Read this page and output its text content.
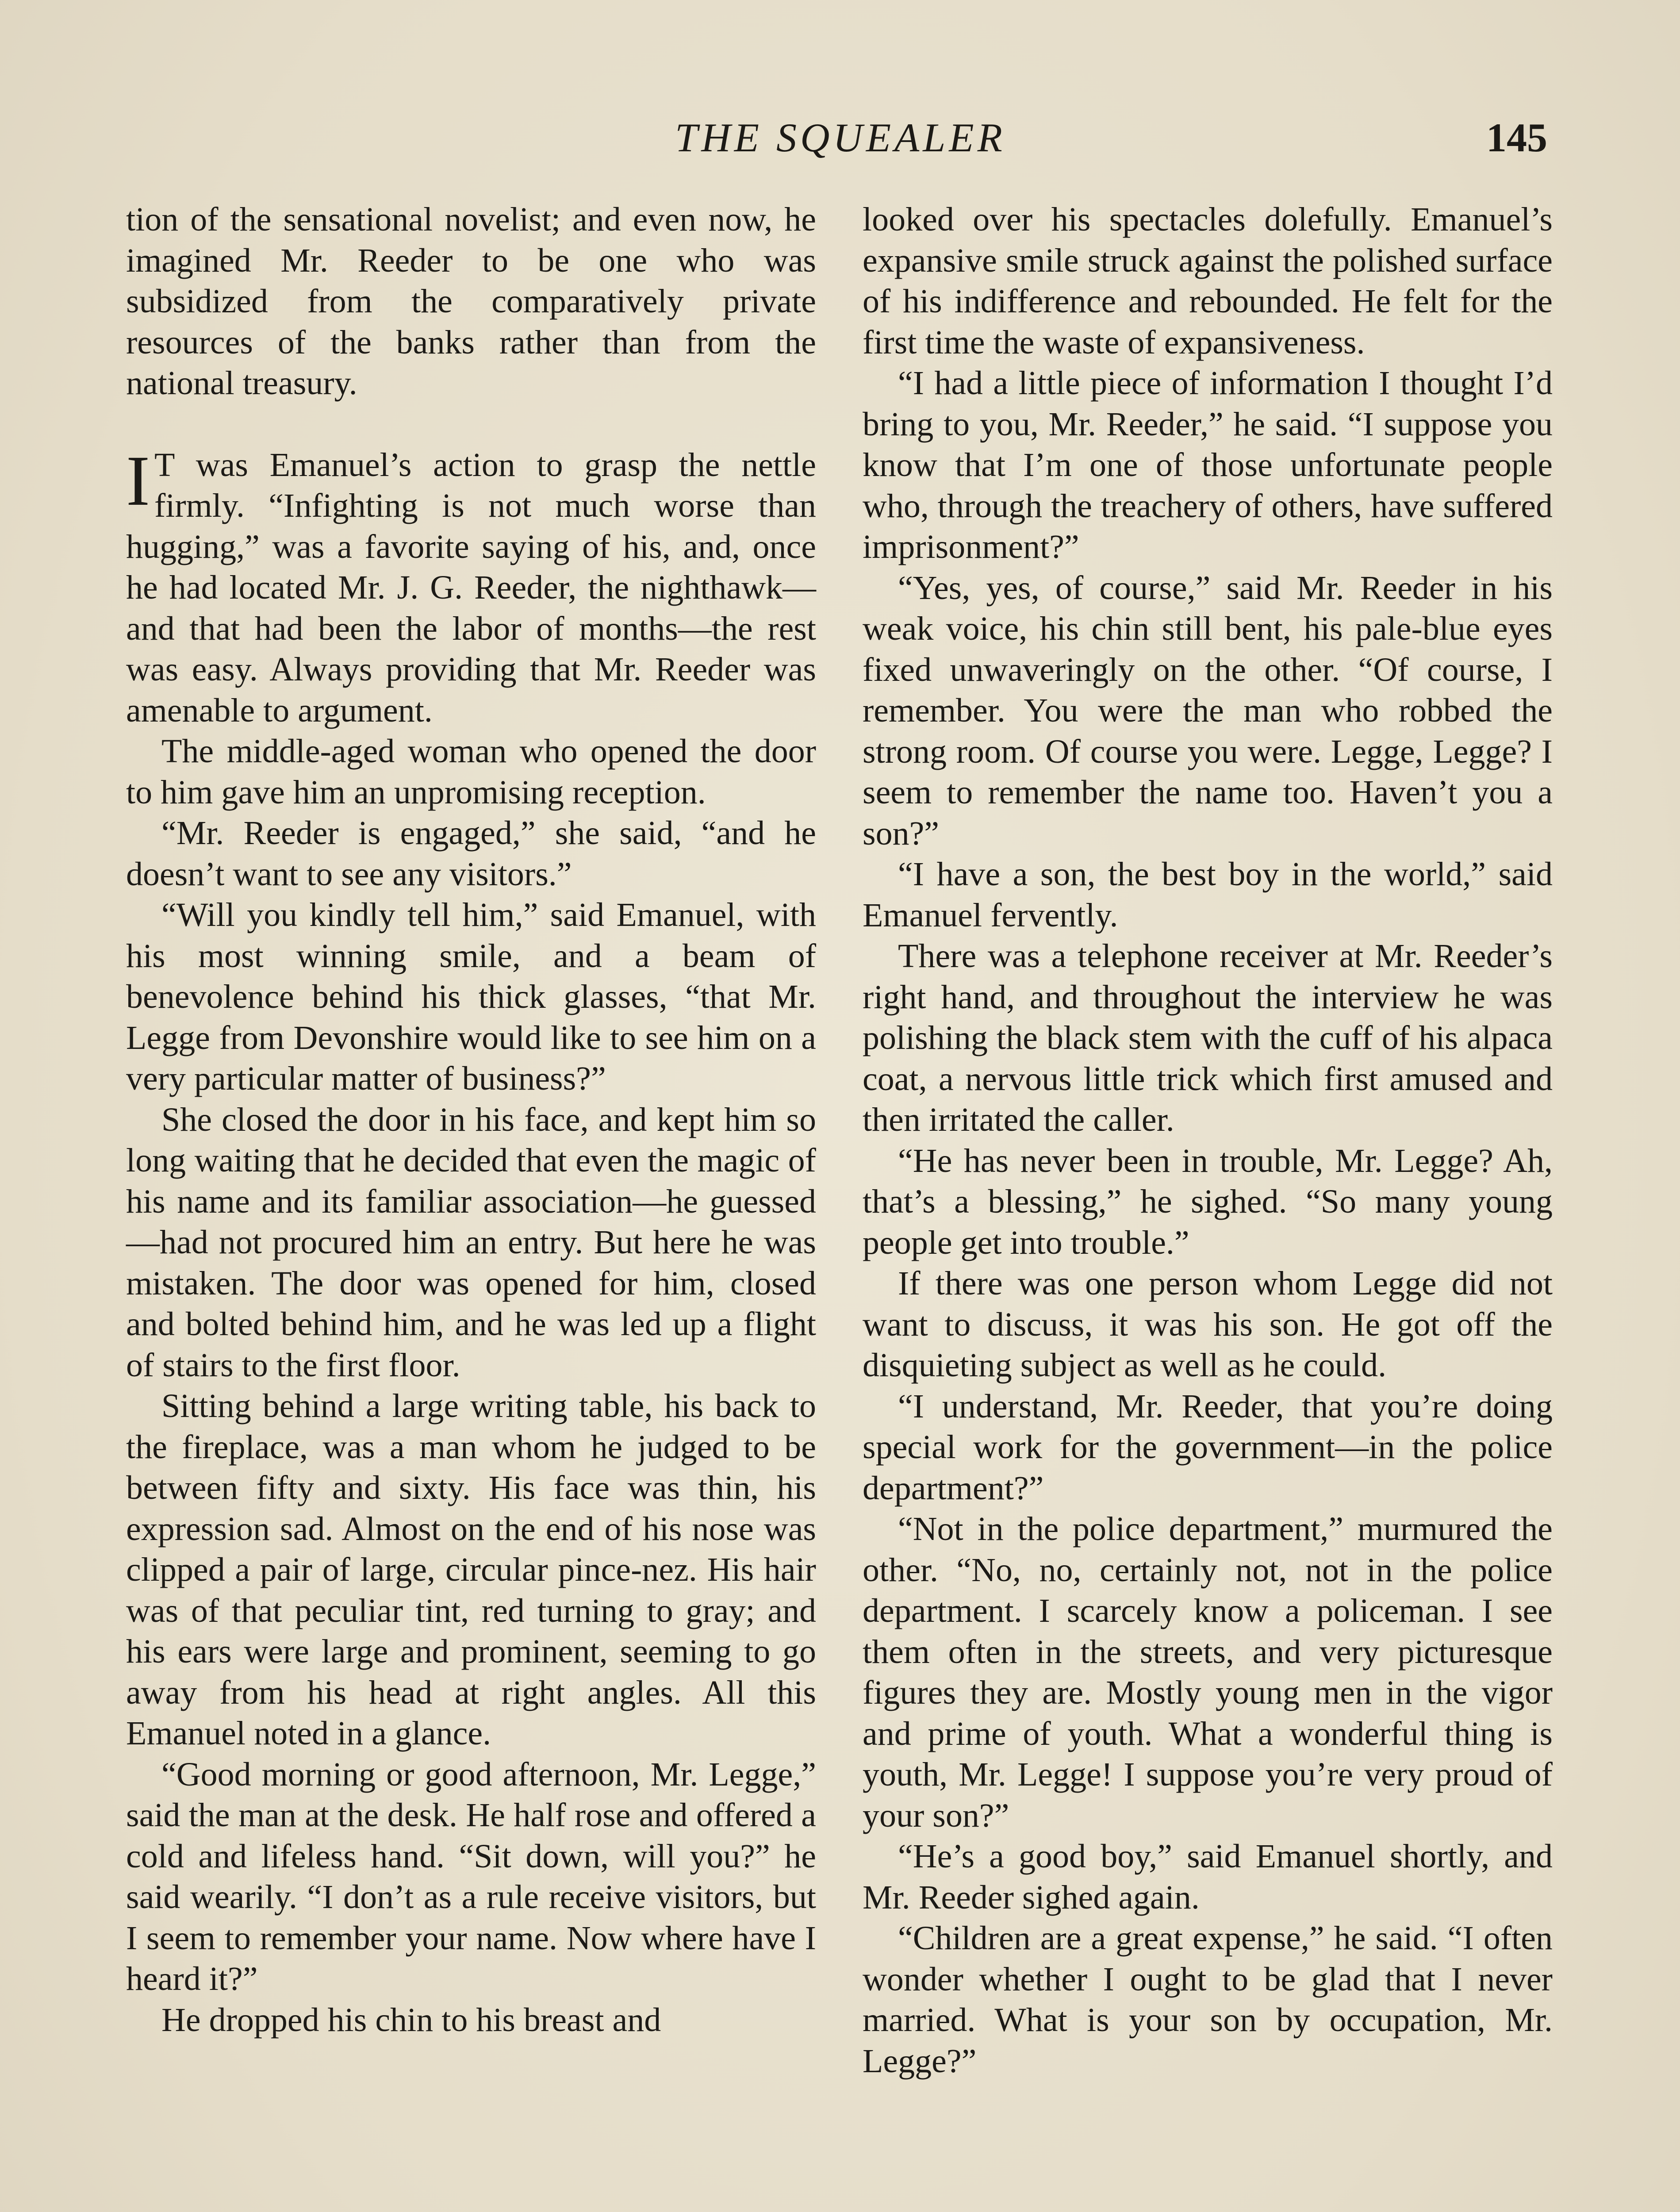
THE SQUEALER	145

tion of the sensational novelist; and even now, he imagined Mr. Reeder to be one who was subsidized from the comparatively private resources of the banks rather than from the national treasury.

I T was Emanuel’s action to grasp the nettle firmly. “Infighting is not much worse than hugging,” was a favorite saying of his, and, once he had located Mr. J. G. Reeder, the nighthawk—and that had been the labor of months—the rest was easy. Always providing that Mr. Reeder was amenable to argument.

The middle-aged woman who opened the door to him gave him an unpromising reception.

“Mr. Reeder is engaged,” she said, “and he doesn’t want to see any visitors.”

“Will you kindly tell him,” said Emanuel, with his most winning smile, and a beam of benevolence behind his thick glasses, “that Mr. Legge from Devonshire would like to see him on a very particular matter of business?”

She closed the door in his face, and kept him so long waiting that he decided that even the magic of his name and its familiar association—he guessed—had not procured him an entry. But here he was mistaken. The door was opened for him, closed and bolted behind him, and he was led up a flight of stairs to the first floor.

Sitting behind a large writing table, his back to the fireplace, was a man whom he judged to be between fifty and sixty. His face was thin, his expression sad. Almost on the end of his nose was clipped a pair of large, circular pince-nez. His hair was of that peculiar tint, red turning to gray; and his ears were large and prominent, seeming to go away from his head at right angles. All this Emanuel noted in a glance.

“Good morning or good afternoon, Mr. Legge,” said the man at the desk. He half rose and offered a cold and lifeless hand. “Sit down, will you?” he said wearily. “I don’t as a rule receive visitors, but I seem to remember your name. Now where have I heard it?”

He dropped his chin to his breast and

looked over his spectacles dolefully. Emanuel’s expansive smile struck against the polished surface of his indifference and rebounded. He felt for the first time the waste of expansiveness.

“I had a little piece of information I thought I’d bring to you, Mr. Reeder,” he said. “I suppose you know that I’m one of those unfortunate people who, through the treachery of others, have suffered imprisonment?”

“Yes, yes, of course,” said Mr. Reeder in his weak voice, his chin still bent, his pale-blue eyes fixed unwaveringly on the other. “Of course, I remember. You were the man who robbed the strong room. Of course you were. Legge, Legge? I seem to remember the name too. Haven’t you a son?”

“I have a son, the best boy in the world,” said Emanuel fervently.

There was a telephone receiver at Mr. Reeder’s right hand, and throughout the interview he was polishing the black stem with the cuff of his alpaca coat, a nervous little trick which first amused and then irritated the caller.

“He has never been in trouble, Mr. Legge? Ah, that’s a blessing,” he sighed. “So many young people get into trouble.”

If there was one person whom Legge did not want to discuss, it was his son. He got off the disquieting subject as well as he could.

“I understand, Mr. Reeder, that you’re doing special work for the government—in the police department?”

“Not in the police department,” murmured the other. “No, no, certainly not, not in the police department. I scarcely know a policeman. I see them often in the streets, and very picturesque figures they are. Mostly young men in the vigor and prime of youth. What a wonderful thing is youth, Mr. Legge! I suppose you’re very proud of your son?”

“He’s a good boy,” said Emanuel shortly, and Mr. Reeder sighed again.

“Children are a great expense,” he said. “I often wonder whether I ought to be glad that I never married. What is your son by occupation, Mr. Legge?”
